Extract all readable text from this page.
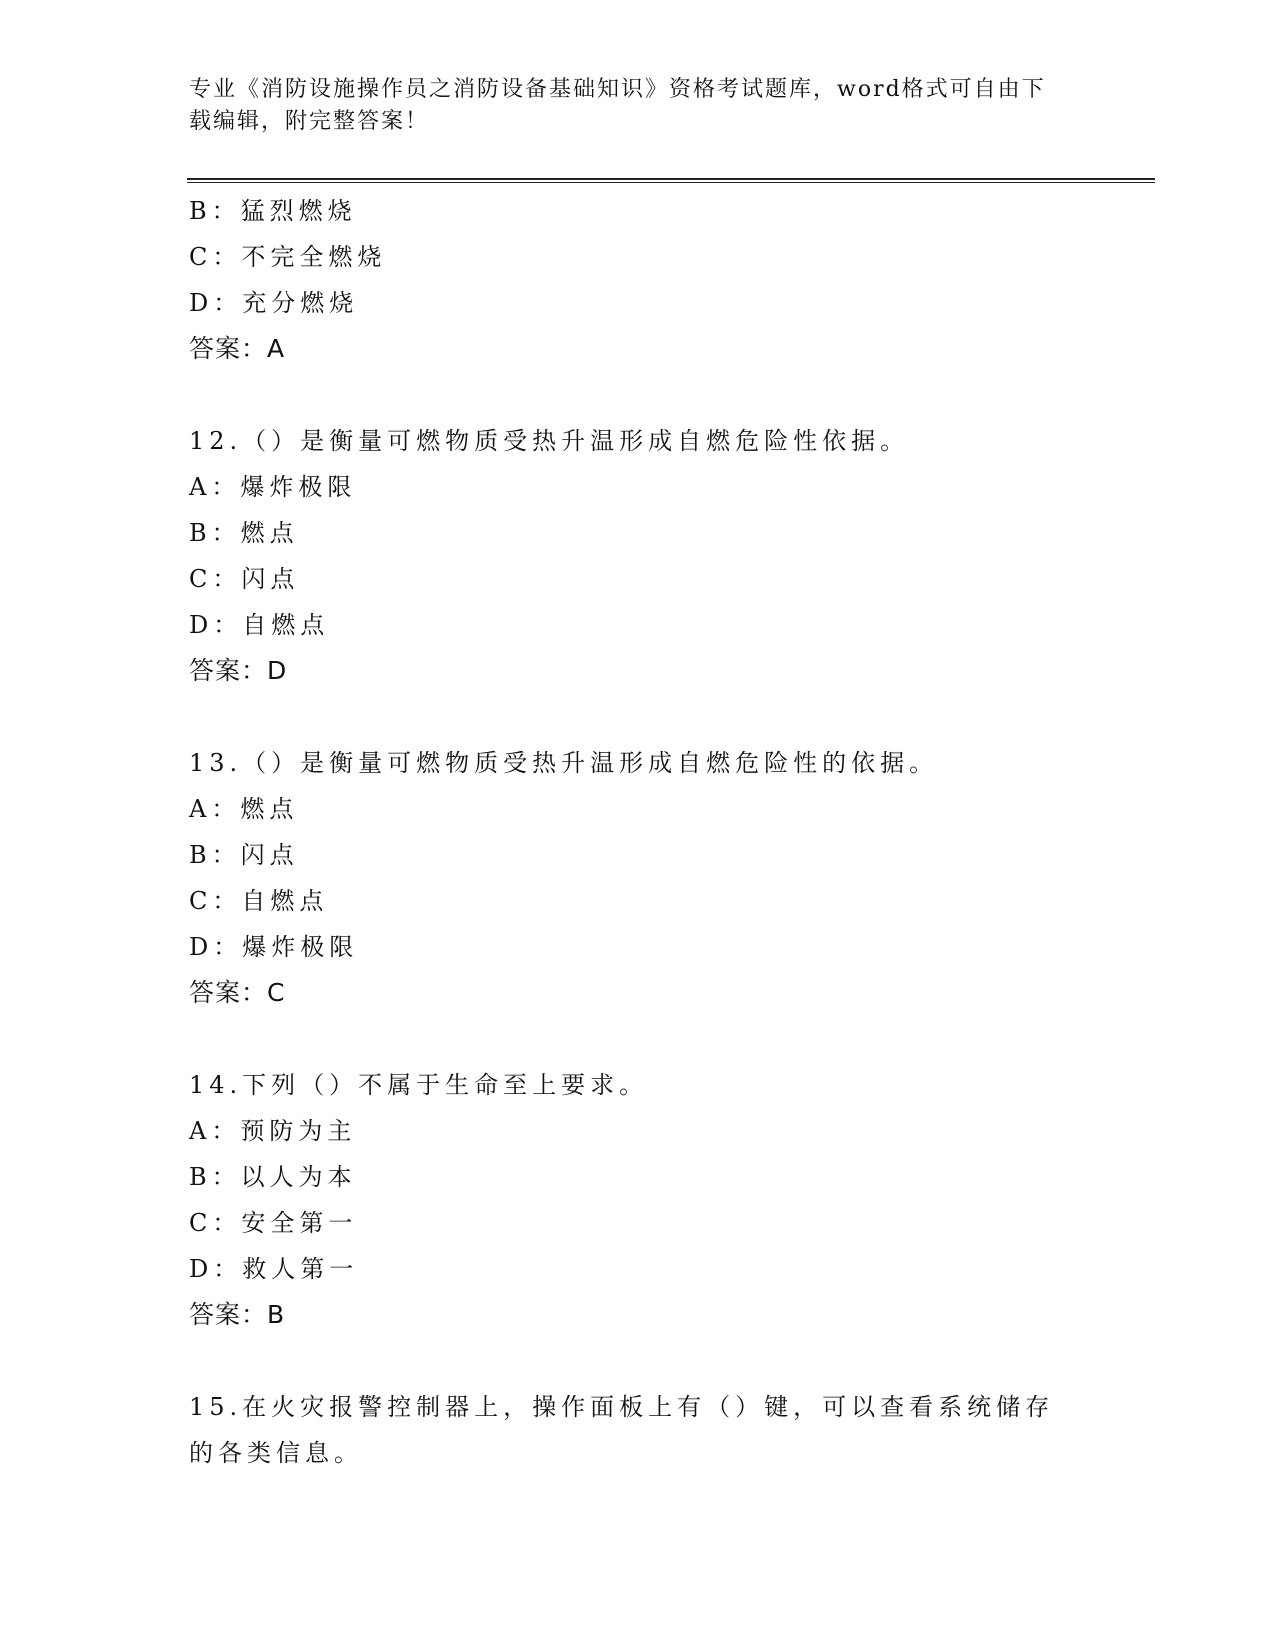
专业《消防设施操作员之消防设备基础知识》资格考试题库，word格式可自由下载编辑，附完整答案！
B：猛烈燃烧
C：不完全燃烧
D：充分燃烧
答案：A
12.（）是衡量可燃物质受热升温形成自燃危险性依据。
A：爆炸极限
B：燃点
C：闪点
D：自燃点
答案：D
13.（）是衡量可燃物质受热升温形成自燃危险性的依据。
A：燃点
B：闪点
C：自燃点
D：爆炸极限
答案：C
14.下列（）不属于生命至上要求。
A：预防为主
B：以人为本
C：安全第一
D：救人第一
答案：B
15.在火灾报警控制器上，操作面板上有（）键，可以查看系统储存的各类信息。
